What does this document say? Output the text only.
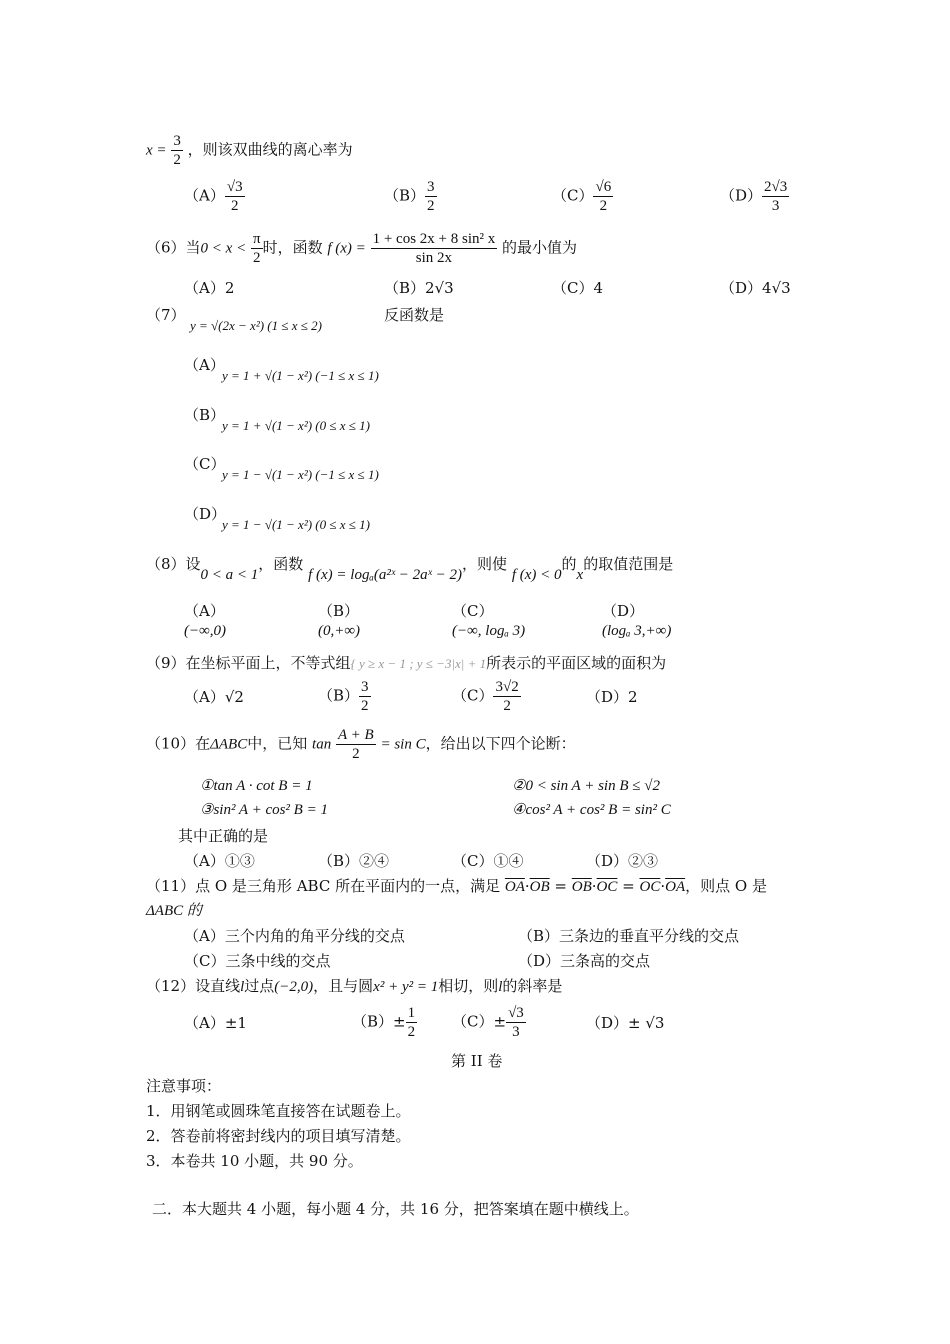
$x = \frac{3}{2}$ ，则该双曲线的离心率为
$(A) \frac{√3}{2}$	$(B) \frac{3}{2}$	$(C) \frac{√6}{2}$	$(D) \frac{2√3}{3}$
（6）当$0 < x < \frac{\pi}{2}$ 时，函数 f $(x) = \frac{\text{1 + cos 2x + 8 sin² x}}{\sin 2x}$ 的最小值为
（A）2	（B）2√3	（C）4	（D）4√3
（7）
y = √(2x − x²) (1 ≤ x ≤ 2)
反函数是
（A）
y = 1 + √(1 − x²) (−1 ≤ x ≤ 1)
（B）
y = 1 + √(1 − x²) (0 ≤ x ≤ 1)
（C）
y = 1 − √(1 − x²) (−1 ≤ x ≤ 1)
（D）
y = 1 − √(1 − x²) (0 ≤ x ≤ 1)
（8）设0 < a < 1，函数 f (x) = logₐ(a²ˣ − 2aˣ − 2)，则使 f (x) < 0的x的取值范围是
（A）
(−∞,0)
（B）
(0,+∞)
（C）
(−∞, logₐ 3)
（D）
(logₐ 3,+∞)
（9）在坐标平面上，不等式组{ y ≥ x − 1 ; y ≤ −3|x| + 1所表示的平面区域的面积为
（A）√2	$(B) \frac{3}{2}$	$(C) \frac{3√2}{2}$	（D）2
（10）在ΔABC中，已知 $\tan \frac{A + B}{2} = \sin C$，给出以下四个论断：
①tan A · cot B = 1	②0 < sin A + sin B ≤ √2
③sin² A + cos² B = 1	④cos² A + cos² B = sin² C
其中正确的是
（A）①③	（B）②④	（C）①④	（D）②③
（11）点 O 是三角形 ABC 所在平面内的一点，满足 $\overline{OA}\cdot\overline{OB} = \overline{OB}\cdot\overline{OC} = \overline{OC}\cdot\overline{OA}$，则点 O 是
ΔABC 的
（A）三个内角的角平分线的交点	（B）三条边的垂直平分线的交点
（C）三条中线的交点	（D）三条高的交点
（12）设直线l过点(−2,0)，且与圆x² + y² = 1相切，则l的斜率是
（A）±1	$(B)\pm \frac{1}{2} (C)\pm \frac{√3}{3}$	（D）± √3
第 II 卷
注意事项：
1．用钢笔或圆珠笔直接答在试题卷上。
2．答卷前将密封线内的项目填写清楚。
3．本卷共 10 小题，共 90 分。
二．本大题共 4 小题，每小题 4 分，共 16 分，把答案填在题中横线上。
